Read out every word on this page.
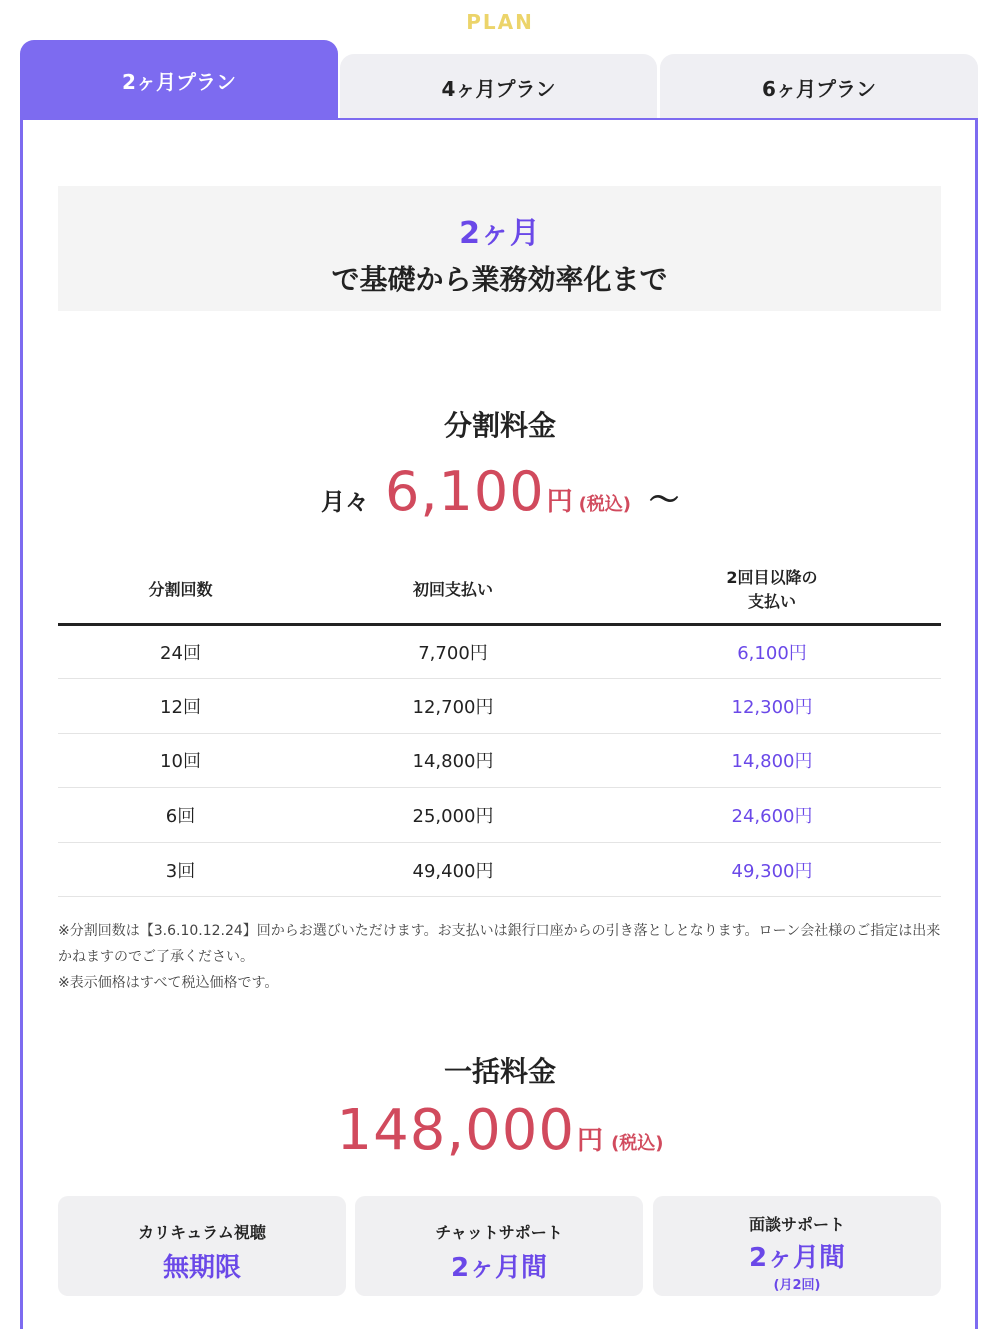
PLAN
2ヶ月プラン	4ヶ月プラン	6ヶ月プラン
2ヶ月
で基礎から業務効率化まで
分割料金
月々 6,100 円 (税込) 〜
分割回数	初回支払い	2回目以降の
支払い
24回	7,700円	6,100円
12回	12,700円	12,300円
10回	14,800円	14,800円
6回	25,000円	24,600円
3回	49,400円	49,300円
※分割回数は【3.6.10.12.24】回からお選びいただけます。お支払いは銀行口座からの引き落としとなります。ローン会社様のご指定は出来かねますのでご了承ください。
※表示価格はすべて税込価格です。
一括料金
148,000 円 (税込)
カリキュラム視聴
無期限
チャットサポート
2ヶ月間
面談サポート
2ヶ月間
(月2回)
